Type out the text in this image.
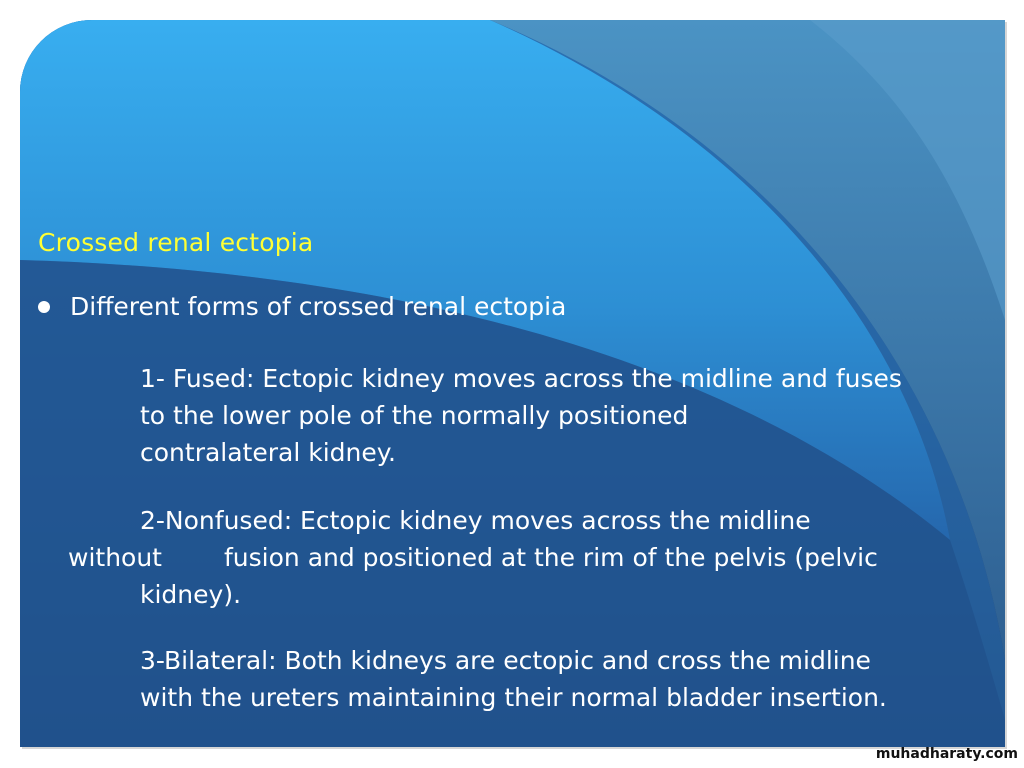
Crossed renal ectopia
Different forms of crossed renal ectopia

1- Fused: Ectopic kidney moves across the midline and fuses
to the lower pole of the normally positioned
contralateral kidney.

2-Nonfused: Ectopic kidney moves across the midline
without fusion and positioned at the rim of the pelvis (pelvic
kidney).

3-Bilateral: Both kidneys are ectopic and cross the midline
with the ureters maintaining their normal bladder insertion.

muhadharaty.com
